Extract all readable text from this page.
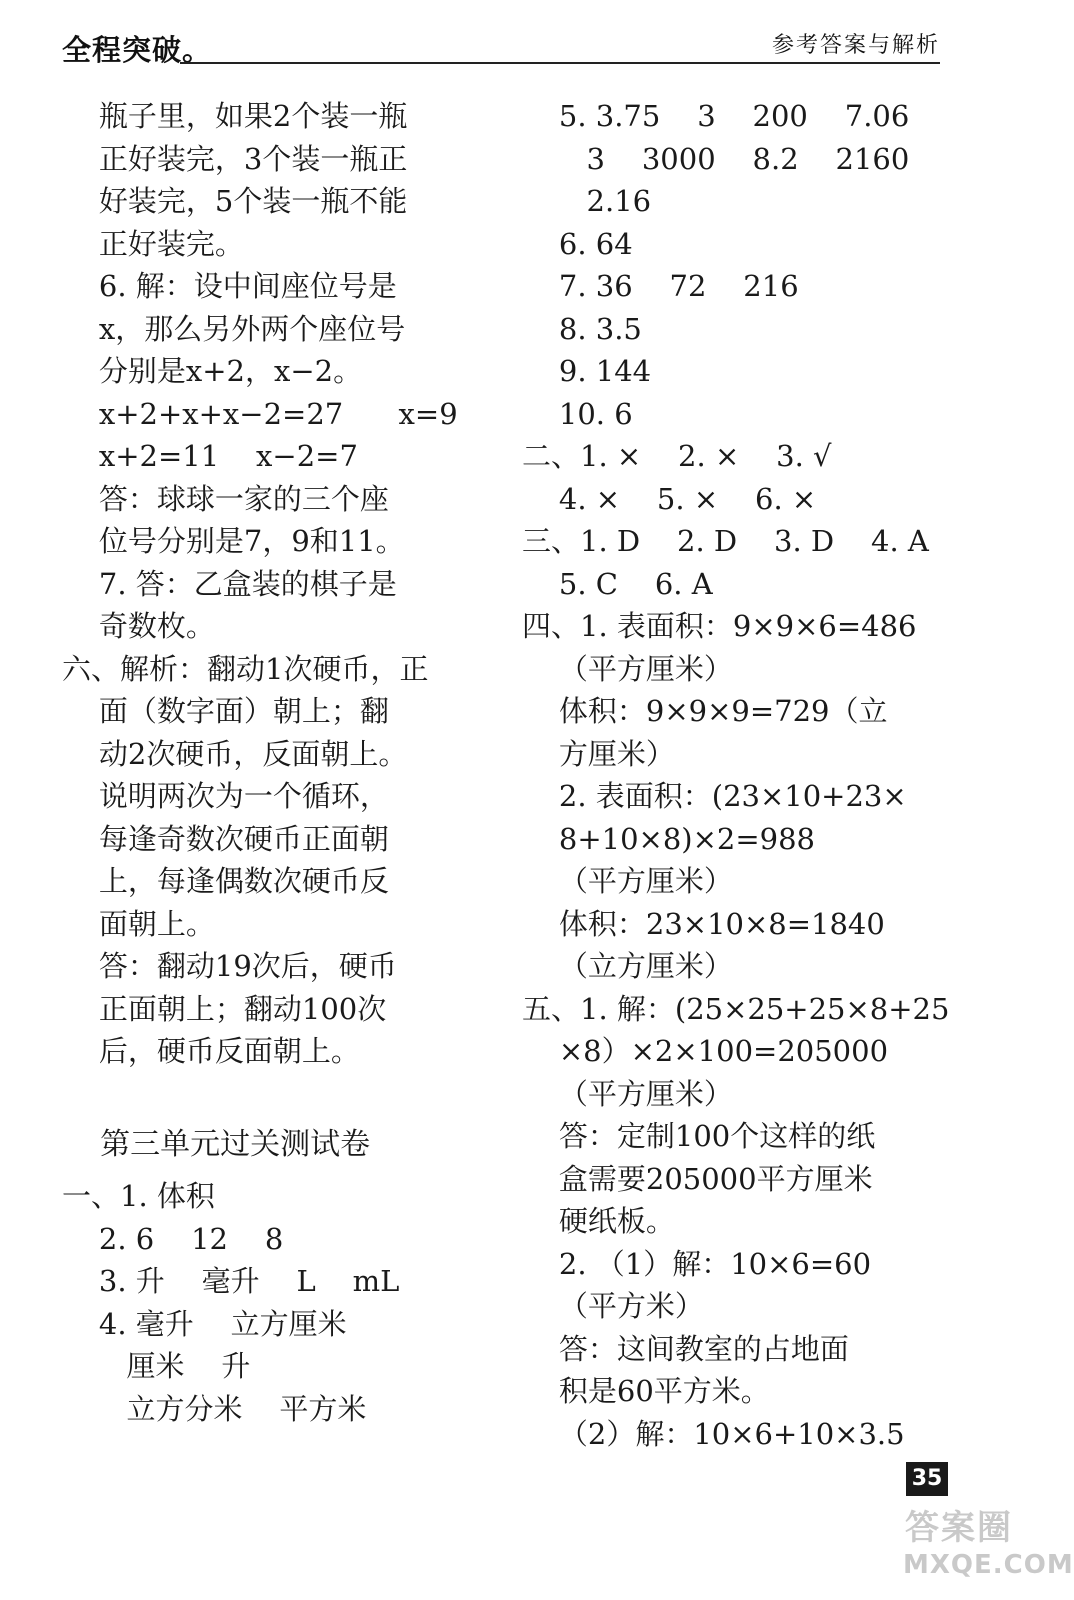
全程突破。	参考答案与解析
瓶子里，如果2个装一瓶
正好装完，3个装一瓶正
好装完，5个装一瓶不能
正好装完。
6. 解：设中间座位号是
x，那么另外两个座位号
分别是x+2，x−2。
x+2+x+x−2=27      x=9
x+2=11    x−2=7
答：球球一家的三个座
位号分别是7，9和11。
7. 答：乙盒装的棋子是
奇数枚。
六、解析：翻动1次硬币，正
面（数字面）朝上；翻
动2次硬币，反面朝上。
说明两次为一个循环，
每逢奇数次硬币正面朝
上，每逢偶数次硬币反
面朝上。
答：翻动19次后，硬币
正面朝上；翻动100次
后，硬币反面朝上。
第三单元过关测试卷
一、1. 体积
2. 6    12    8
3. 升    毫升    L    mL
4. 毫升    立方厘米
厘米    升
立方分米    平方米
5. 3.75    3    200    7.06
3    3000    8.2    2160
2.16
6. 64
7. 36    72    216
8. 3.5
9. 144
10. 6
二、1. ×    2. ×    3. √
4. ×    5. ×    6. ×
三、1. D    2. D    3. D    4. A
5. C    6. A
四、1. 表面积：9×9×6=486
（平方厘米）
体积：9×9×9=729（立
方厘米）
2. 表面积：(23×10+23×
8+10×8)×2=988
（平方厘米）
体积：23×10×8=1840
（立方厘米）
五、1. 解：(25×25+25×8+25
×8）×2×100=205000
（平方厘米）
答：定制100个这样的纸
盒需要205000平方厘米
硬纸板。
2. （1）解：10×6=60
（平方米）
答：这间教室的占地面
积是60平方米。
（2）解：10×6+10×3.5
35
答案圈
MXQE.COM
